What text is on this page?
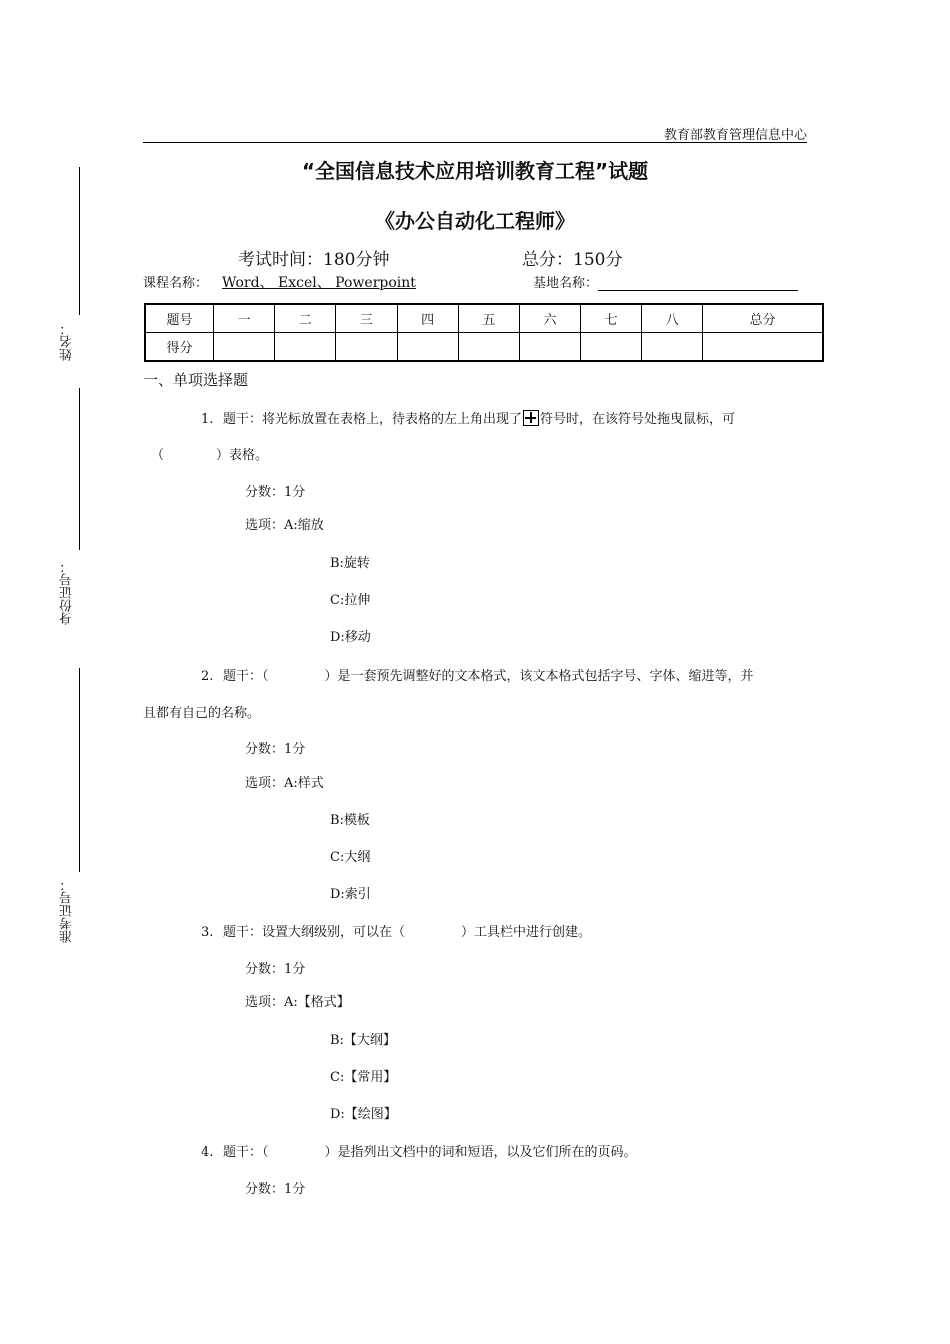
教育部教育管理信息中心
“全国信息技术应用培训教育工程”试题
《办公自动化工程师》
考试时间：180分钟	总分：150分
课程名称： Word、 Excel、 Powerpoint	基地名称：
题号	一	二	三	四	五	六	七	八	总分
得分									
姓名：
身份证号：
准考证号：
一、单项选择题
1. 题干：将光标放置在表格上，待表格的左上角出现了 符号时，在该符号处拖曳鼠标，可
（　　　　）表格。
分数：1分
选项：A:缩放
B:旋转
C:拉伸
D:移动
2. 题干：（	）是一套预先调整好的文本格式，该文本格式包括字号、字体、缩进等，并
且都有自己的名称。
分数：1分
选项：A:样式
B:模板
C:大纲
D:索引
3. 题干：设置大纲级别，可以在（	）工具栏中进行创建。
分数：1分
选项：A:【格式】
B:【大纲】
C:【常用】
D:【绘图】
4. 题干：（	）是指列出文档中的词和短语，以及它们所在的页码。
分数：1分
